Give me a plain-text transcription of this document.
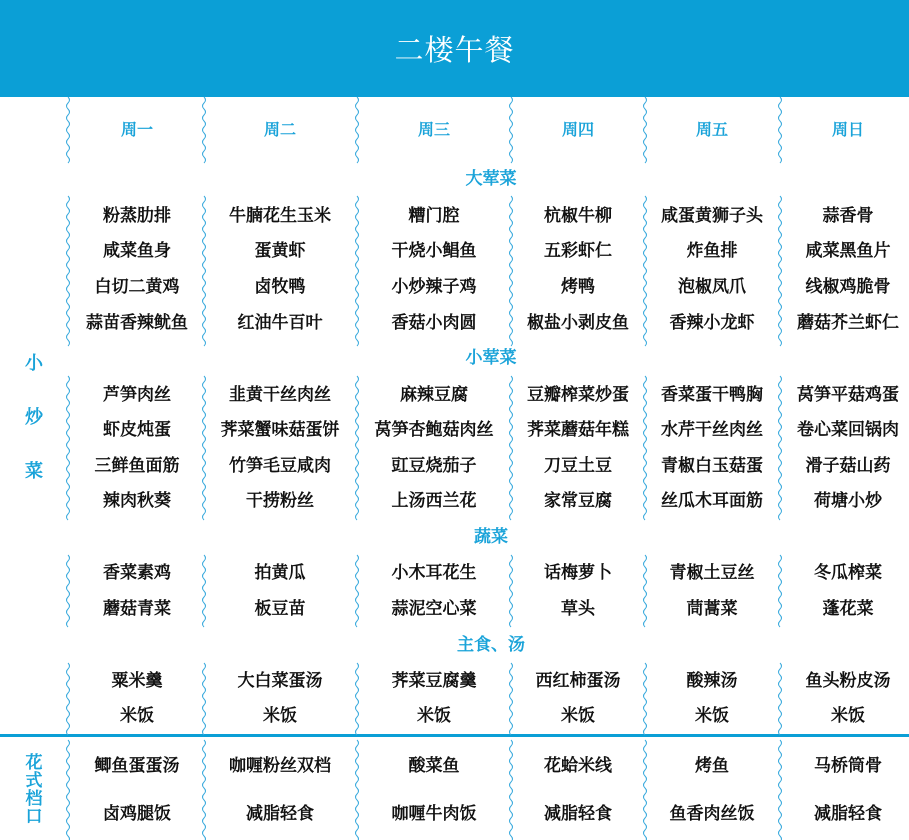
二楼午餐
小
炒
菜
花
式
档
口
周一	周二	周三	周四	周五	周日
大荤菜
粉蒸肋排	牛腩花生玉米	糟门腔	杭椒牛柳	咸蛋黄狮子头	蒜香骨
咸菜鱼身	蛋黄虾	干烧小鲳鱼	五彩虾仁	炸鱼排	咸菜黑鱼片
白切二黄鸡	卤牧鸭	小炒辣子鸡	烤鸭	泡椒凤爪	线椒鸡脆骨
蒜苗香辣鱿鱼	红油牛百叶	香菇小肉圆	椒盐小剥皮鱼	香辣小龙虾	蘑菇芥兰虾仁
小荤菜
芦笋肉丝	韭黄干丝肉丝	麻辣豆腐	豆瓣榨菜炒蛋	香菜蛋干鸭胸	莴笋平菇鸡蛋
虾皮炖蛋	荠菜蟹味菇蛋饼	莴笋杏鲍菇肉丝	荠菜蘑菇年糕	水芹干丝肉丝	卷心菜回锅肉
三鲜鱼面筋	竹笋毛豆咸肉	豇豆烧茄子	刀豆土豆	青椒白玉菇蛋	滑子菇山药
辣肉秋葵	干捞粉丝	上汤西兰花	家常豆腐	丝瓜木耳面筋	荷塘小炒
蔬菜
香菜素鸡	拍黄瓜	小木耳花生	话梅萝卜	青椒土豆丝	冬瓜榨菜
蘑菇青菜	板豆苗	蒜泥空心菜	草头	茼蒿菜	蓬花菜
主食、汤
粟米羹	大白菜蛋汤	荠菜豆腐羹	西红柿蛋汤	酸辣汤	鱼头粉皮汤
米饭	米饭	米饭	米饭	米饭	米饭
鲫鱼蛋蛋汤	咖喱粉丝双档	酸菜鱼	花蛤米线	烤鱼	马桥筒骨
卤鸡腿饭	减脂轻食	咖喱牛肉饭	减脂轻食	鱼香肉丝饭	减脂轻食
